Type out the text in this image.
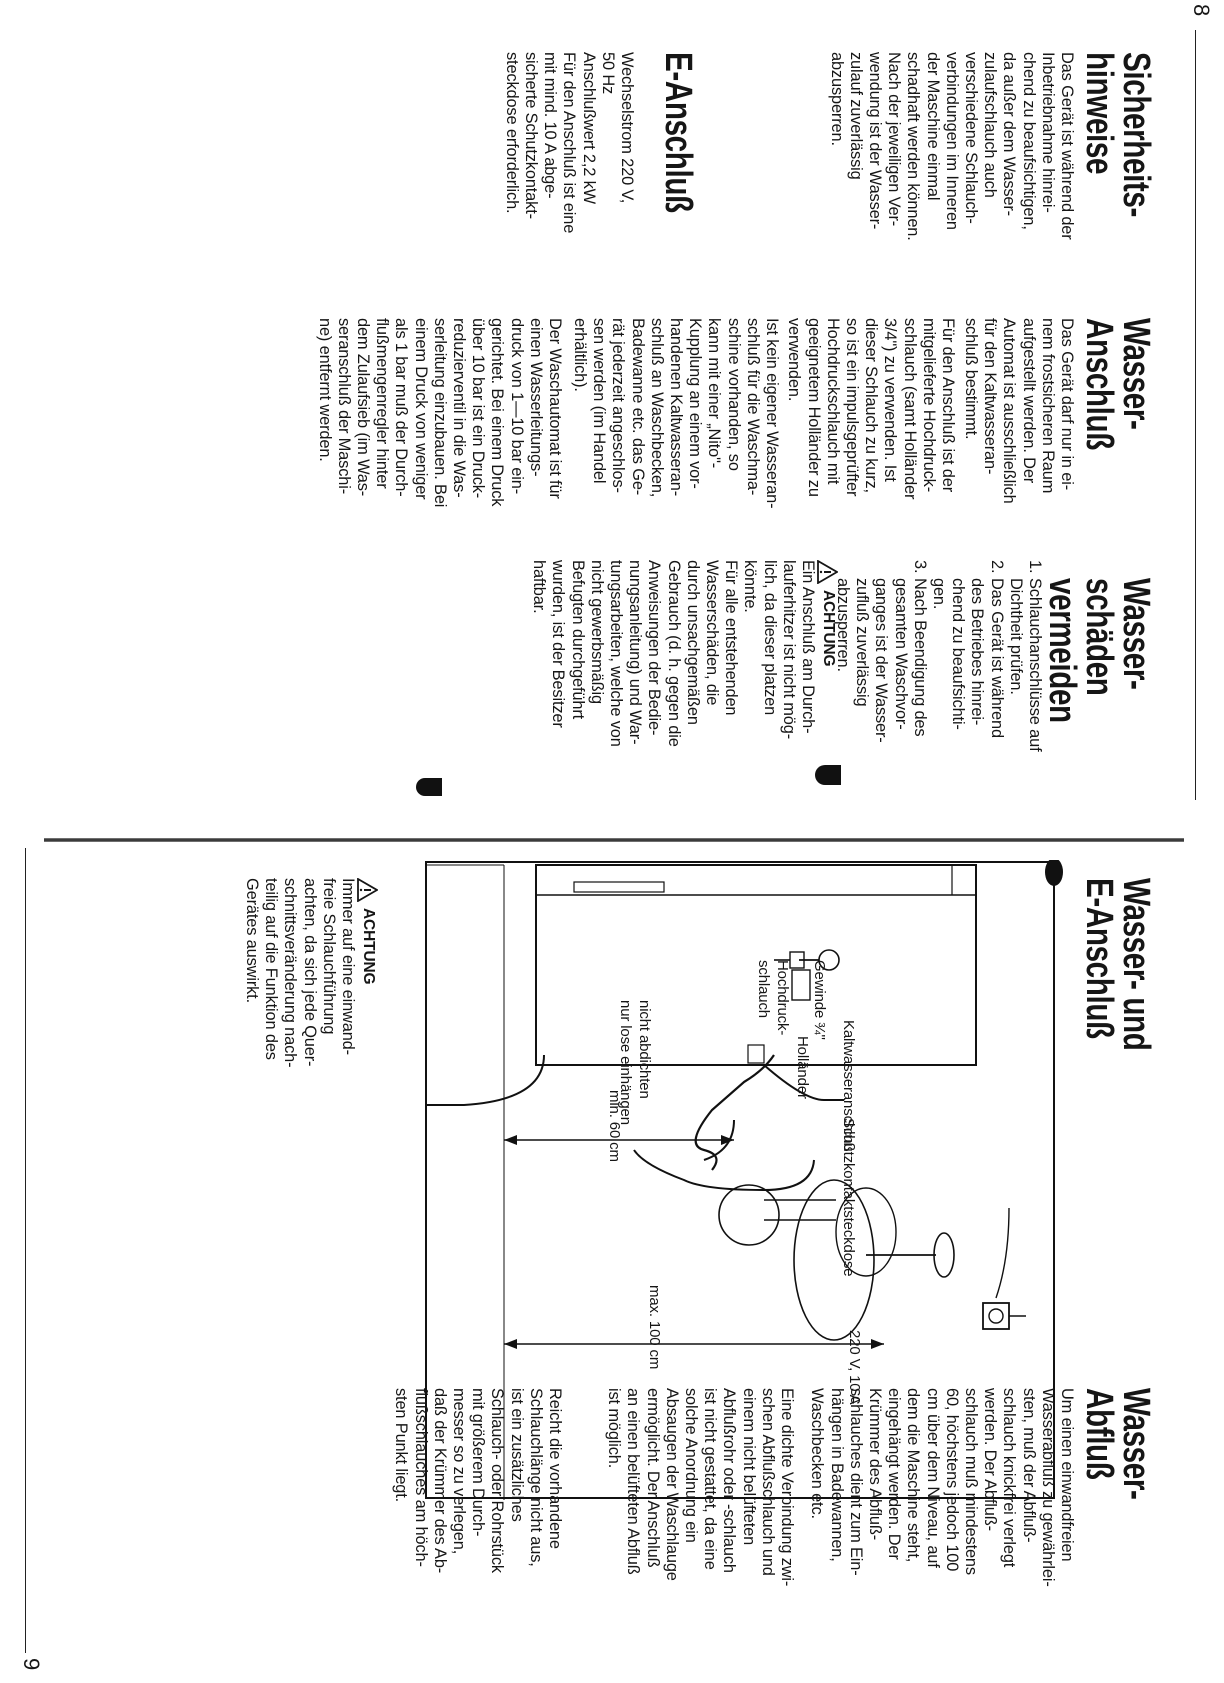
8
Sicherheits-
hinweise
Das Gerät ist während der
Inbetriebnahme hinrei-
chend zu beaufsichtigen,
da außer dem Wasser-
zulaufschlauch auch
verschiedene Schlauch-
verbindungen im Inneren
der Maschine einmal
schadhaft werden können.
Nach der jeweiligen Ver-
wendung ist der Wasser-
zulauf zuverlässig
abzusperren.
E-Anschluß
Wechselstrom 220 V,
50 Hz
Anschlußwert 2,2 kW
Für den Anschluß ist eine
mit mind. 10 A abge-
sicherte Schutzkontakt-
steckdose erforderlich.
Wasser-
Anschluß
Das Gerät darf nur in ei-
nem frostsicheren Raum
aufgestellt werden. Der
Automat ist ausschließlich
für den Kaltwasseran-
schluß bestimmt.
Für den Anschluß ist der
mitgelieferte Hochdruck-
schlauch (samt Holländer
3/4") zu verwenden. Ist
dieser Schlauch zu kurz,
so ist ein impulsgeprüfter
Hochdruckschlauch mit
geeignetem Holländer zu
verwenden.
Ist kein eigener Wasseran-
schluß für die Waschma-
schine vorhanden, so
kann mit einer „Nito"-
Kupplung an einem vor-
handenen Kaltwasseran-
schluß an Waschbecken,
Badewanne etc. das Ge-
rät jederzeit angeschlos-
sen werden (im Handel
erhältlich).
Der Waschautomat ist für
einen Wasserleitungs-
druck von 1—10 bar ein-
gerichtet. Bei einem Druck
über 10 bar ist ein Druck-
reduzierventil in die Was-
serleitung einzubauen. Bei
einem Druck von weniger
als 1 bar muß der Durch-
flußmengenregler hinter
dem Zulaufsieb (im Was-
seranschluß der Maschi-
ne) entfernt werden.
Wasser-
schäden
vermeiden
1.
Schlauchanschlüsse auf
Dichtheit prüfen.
2.
Das Gerät ist während
des Betriebes hinrei-
chend zu beaufsichti-
gen.
3.
Nach Beendigung des
gesamten Waschvor-
ganges ist der Wasser-
zufluß zuverlässig
abzusperren.
ACHTUNG
Ein Anschluß am Durch-
lauferhitzer ist nicht mög-
lich, da dieser platzen
könnte.
Für alle entstehenden
Wasserschäden, die
durch unsachgemäßen
Gebrauch (d. h. gegen die
Anweisungen der Bedie-
nungsanleitung) und War-
tungsarbeiten, welche von
nicht gewerbsmäßig
Befugten durchgeführt
wurden, ist der Besitzer
haftbar.
9
Wasser- und
E-Anschluß
Kaltwasseranschluß
Gewinde ¾"
Holländer
Hochdruck-
schlauch
Schutzkontaktsteckdose
220 V, 10 A
nicht abdichten
nur lose einhängen
min. 60 cm
max. 100 cm
ACHTUNG
Immer auf eine einwand-
freie Schlauchführung
achten, da sich jede Quer-
schnittsveränderung nach-
teilig auf die Funktion des
Gerätes auswirkt.
Wasser-
Abfluß
Um einen einwandfreien
Wasserabfluß zu gewährlei-
sten, muß der Abfluß-
schlauch knickfrei verlegt
werden. Der Abfluß-
schlauch muß mindestens
60, höchstens jedoch 100
cm über dem Niveau, auf
dem die Maschine steht,
eingehängt werden. Der
Krümmer des Abfluß-
schlauches dient zum Ein-
hängen in Badewannen,
Waschbecken etc.
Eine dichte Verbindung zwi-
schen Abflußschlauch und
einem nicht belüfteten
Abflußrohr oder -schlauch
ist nicht gestattet, da eine
solche Anordnung ein
Absaugen der Waschlauge
ermöglicht. Der Anschluß
an einen belüfteten Abfluß
ist möglich.
Reicht die vorhandene
Schlauchlänge nicht aus,
ist ein zusätzliches
Schlauch- oder Rohrstück
mit größerem Durch-
messer so zu verlegen,
daß der Krümmer des Ab-
flußschlauches am höch-
sten Punkt liegt.
